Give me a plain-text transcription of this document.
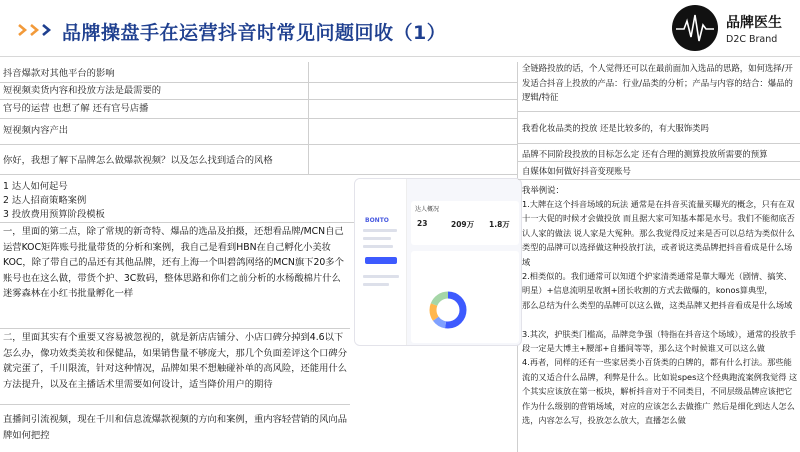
品牌操盘手在运营抖音时常见问题回收（1）	品牌医生
D2C Brand
抖音爆款对其他平台的影响
短视频卖货内容和投放方法是最需要的
官号的运营 也想了解 还有官号店播
短视频内容产出
你好，我想了解下品牌怎么做爆款视频？以及怎么找到适合的风格
1 达人如何起号
2 达人招商策略案例
3 投放费用预算阶段模板
一，里面的第二点，除了常规的新奇特、爆品的选品及拍摄，还想看品牌/MCN自己运营KOC矩阵账号批量带货的分析和案例，我自己是看到HBN在自己孵化小美妆KOC，除了带自己的品还有其他品牌，还有上海一个叫碧鸽网络的MCN旗下20多个账号也在这么做，带货个护、3C数码，整体思路和你们之前分析的水杨酸棉片什么迷雾森林在小红书批量孵化一样
二，里面其实有个重要又容易被忽视的，就是新店店铺分、小店口碑分掉到4.6以下怎么办，像功效类美妆和保健品，如果销售量不够庞大，那几个负面差评这个口碑分就完蛋了，千川限流，针对这种情况，品牌如果不想触碰补单的高风险，还能用什么方法提升，以及在主播话术里需要如何设计，适当降价用户的期待
直播间引流视频，现在千川和信息流爆款视频的方向和案例，重内容轻营销的风向品牌如何把控
BONTO
达人概况
23	209万 1.8万
全链路投放的话，个人觉得还可以在最前面加入选品的思路，如何选择/开发适合抖音上投放的产品：行业/品类的分析；产品与内容的结合：爆品的逻辑/特征
我看化妆品类的投放 还是比较多的，有大服饰类吗
品牌不同阶段投放的目标怎么定 还有合理的测算投放所需要的预算
自媒体如何做好抖音变现账号
我举例说：
1.大牌在这个抖音场域的玩法 通常是在抖音买流量买曝光的概念，只有在双十一大促的时候才会做投放 而且据大家可知基本都是水号。我们不能彻底否认人家的做法 说人家是大冤种。那么我觉得反过来是否可以总结为类似什么类型的品牌可以选择做这种投放打法，或者说这类品牌把抖音看成是什么场域
2.相类似的。我们通常可以知道个护家清类通常是靠大曝光（剧情、搞笑、明星）+信息流明星收割+团长收割的方式去做爆的，konos算典型，
那么总结为什么类型的品牌可以这么做，这类品牌又把抖音看成是什么场域

3.其次，护肤类门槛高，品牌竞争强（特指在抖音这个场域），通常的投放手段一定是大博主+腰部+自播间等等，那么这个时候谁又可以这么做
4.再者，同样的还有一些家居类小百货类的白牌的，都有什么打法。那些能流的又适合什么品牌，利弊是什么。比如说spes这个经典跑流案例我觉得 这个其实应该放在第一板块，解析抖音对于不同类目，不同层级品牌应该把它作为什么级别的营销场域，对应的应该怎么去做推广 然后是细化到达人怎么选，内容怎么写，投放怎么放大，直播怎么做
